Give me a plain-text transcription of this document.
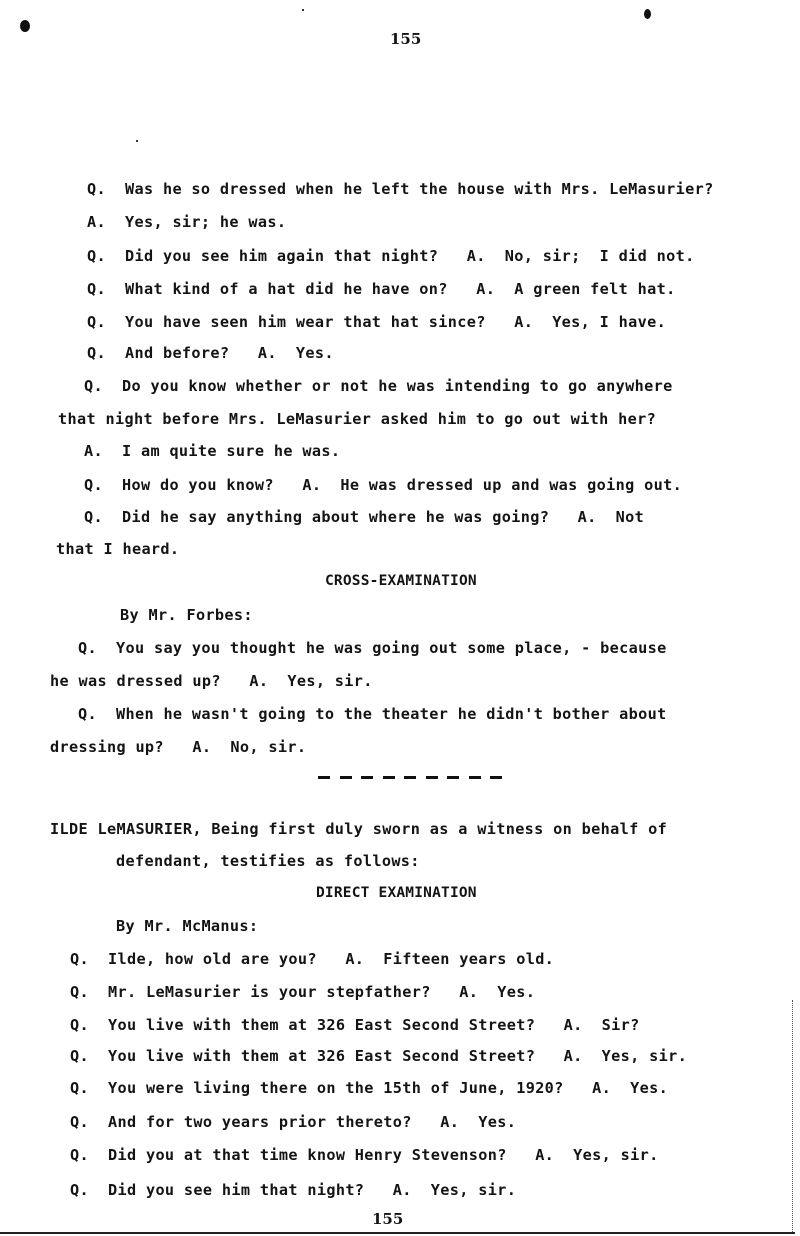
155
Q.  Was he so dressed when he left the house with Mrs. LeMasurier?
A.  Yes, sir; he was.
Q.  Did you see him again that night?   A.  No, sir;  I did not.
Q.  What kind of a hat did he have on?   A.  A green felt hat.
Q.  You have seen him wear that hat since?   A.  Yes, I have.
Q.  And before?   A.  Yes.
Q.  Do you know whether or not he was intending to go anywhere
that night before Mrs. LeMasurier asked him to go out with her?
A.  I am quite sure he was.
Q.  How do you know?   A.  He was dressed up and was going out.
Q.  Did he say anything about where he was going?   A.  Not
that I heard.
By Mr. Forbes:
Q.  You say you thought he was going out some place, - because
he was dressed up?   A.  Yes, sir.
Q.  When he wasn't going to the theater he didn't bother about
dressing up?   A.  No, sir.
ILDE LeMASURIER, Being first duly sworn as a witness on behalf of
defendant, testifies as follows:
By Mr. McManus:
Q.  Ilde, how old are you?   A.  Fifteen years old.
Q.  Mr. LeMasurier is your stepfather?   A.  Yes.
Q.  You live with them at 326 East Second Street?   A.  Sir?
Q.  You live with them at 326 East Second Street?   A.  Yes, sir.
Q.  You were living there on the 15th of June, 1920?   A.  Yes.
Q.  And for two years prior thereto?   A.  Yes.
Q.  Did you at that time know Henry Stevenson?   A.  Yes, sir.
Q.  Did you see him that night?   A.  Yes, sir.
CROSS-EXAMINATION
DIRECT EXAMINATION
155
